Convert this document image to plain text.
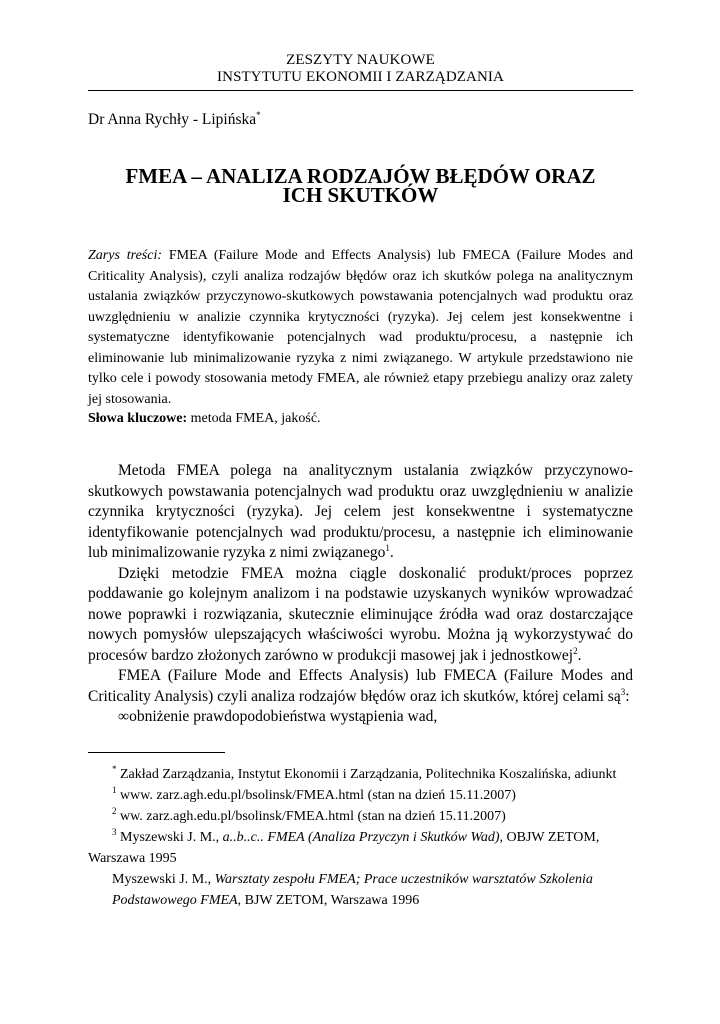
ZESZYTY NAUKOWE
INSTYTUTU EKONOMII I ZARZĄDZANIA
Dr Anna Rychły - Lipińska*
FMEA – ANALIZA RODZAJÓW BŁĘDÓW ORAZ
ICH SKUTKÓW
Zarys treści: FMEA (Failure Mode and Effects Analysis) lub FMECA (Failure Modes and Criticality Analysis), czyli analiza rodzajów błędów oraz ich skutków polega na analitycznym ustalania związków przyczynowo-skutkowych powstawania potencjalnych wad produktu oraz uwzględnieniu w analizie czynnika krytyczności (ryzyka). Jej celem jest konsekwentne i systematyczne identyfikowanie potencjalnych wad produktu/procesu, a następnie ich eliminowanie lub minimalizowanie ryzyka z nimi związanego. W artykule przedstawiono nie tylko cele i powody stosowania metody FMEA, ale również etapy przebiegu analizy oraz zalety jej stosowania.
Słowa kluczowe: metoda FMEA, jakość.

Metoda FMEA polega na analitycznym ustalania związków przyczynowo-skutkowych powstawania potencjalnych wad produktu oraz uwzględnieniu w analizie czynnika krytyczności (ryzyka). Jej celem jest konsekwentne i systematyczne identyfikowanie potencjalnych wad produktu/procesu, a następnie ich eliminowanie lub minimalizowanie ryzyka z nimi związanego$^1$.

Dzięki metodzie FMEA można ciągle doskonalić produkt/proces poprzez poddawanie go kolejnym analizom i na podstawie uzyskanych wyników wprowadzać nowe poprawki i rozwiązania, skutecznie eliminujące źródła wad oraz dostarczające nowych pomysłów ulepszających właściwości wyrobu. Można ją wykorzystywać do procesów bardzo złożonych zarówno w produkcji masowej jak i jednostkowej$^2$.

FMEA (Failure Mode and Effects Analysis) lub FMECA (Failure Modes and Criticality Analysis) czyli analiza rodzajów błędów oraz ich skutków, której celami $są^3$:

∞obniżenie prawdopodobieństwa wystąpienia wad,

* Zakład Zarządzania, Instytut Ekonomii i Zarządzania, Politechnika Koszalińska, adiunkt

$^1$ www. zarz.agh.edu.pl/bsolinsk/FMEA.html (stan na dzień 15.11.2007)

$^2$ ww. zarz.agh.edu.pl/bsolinsk/FMEA.html (stan na dzień 15.11.2007)

$^3$ Myszewski J. M., a..b..c.. FMEA (Analiza Przyczyn i Skutków Wad), OBJW ZETOM, Warszawa 1995

Myszewski J. M., Warsztaty zespołu FMEA; Prace uczestników warsztatów Szkolenia Podstawowego FMEA, BJW ZETOM, Warszawa 1996
